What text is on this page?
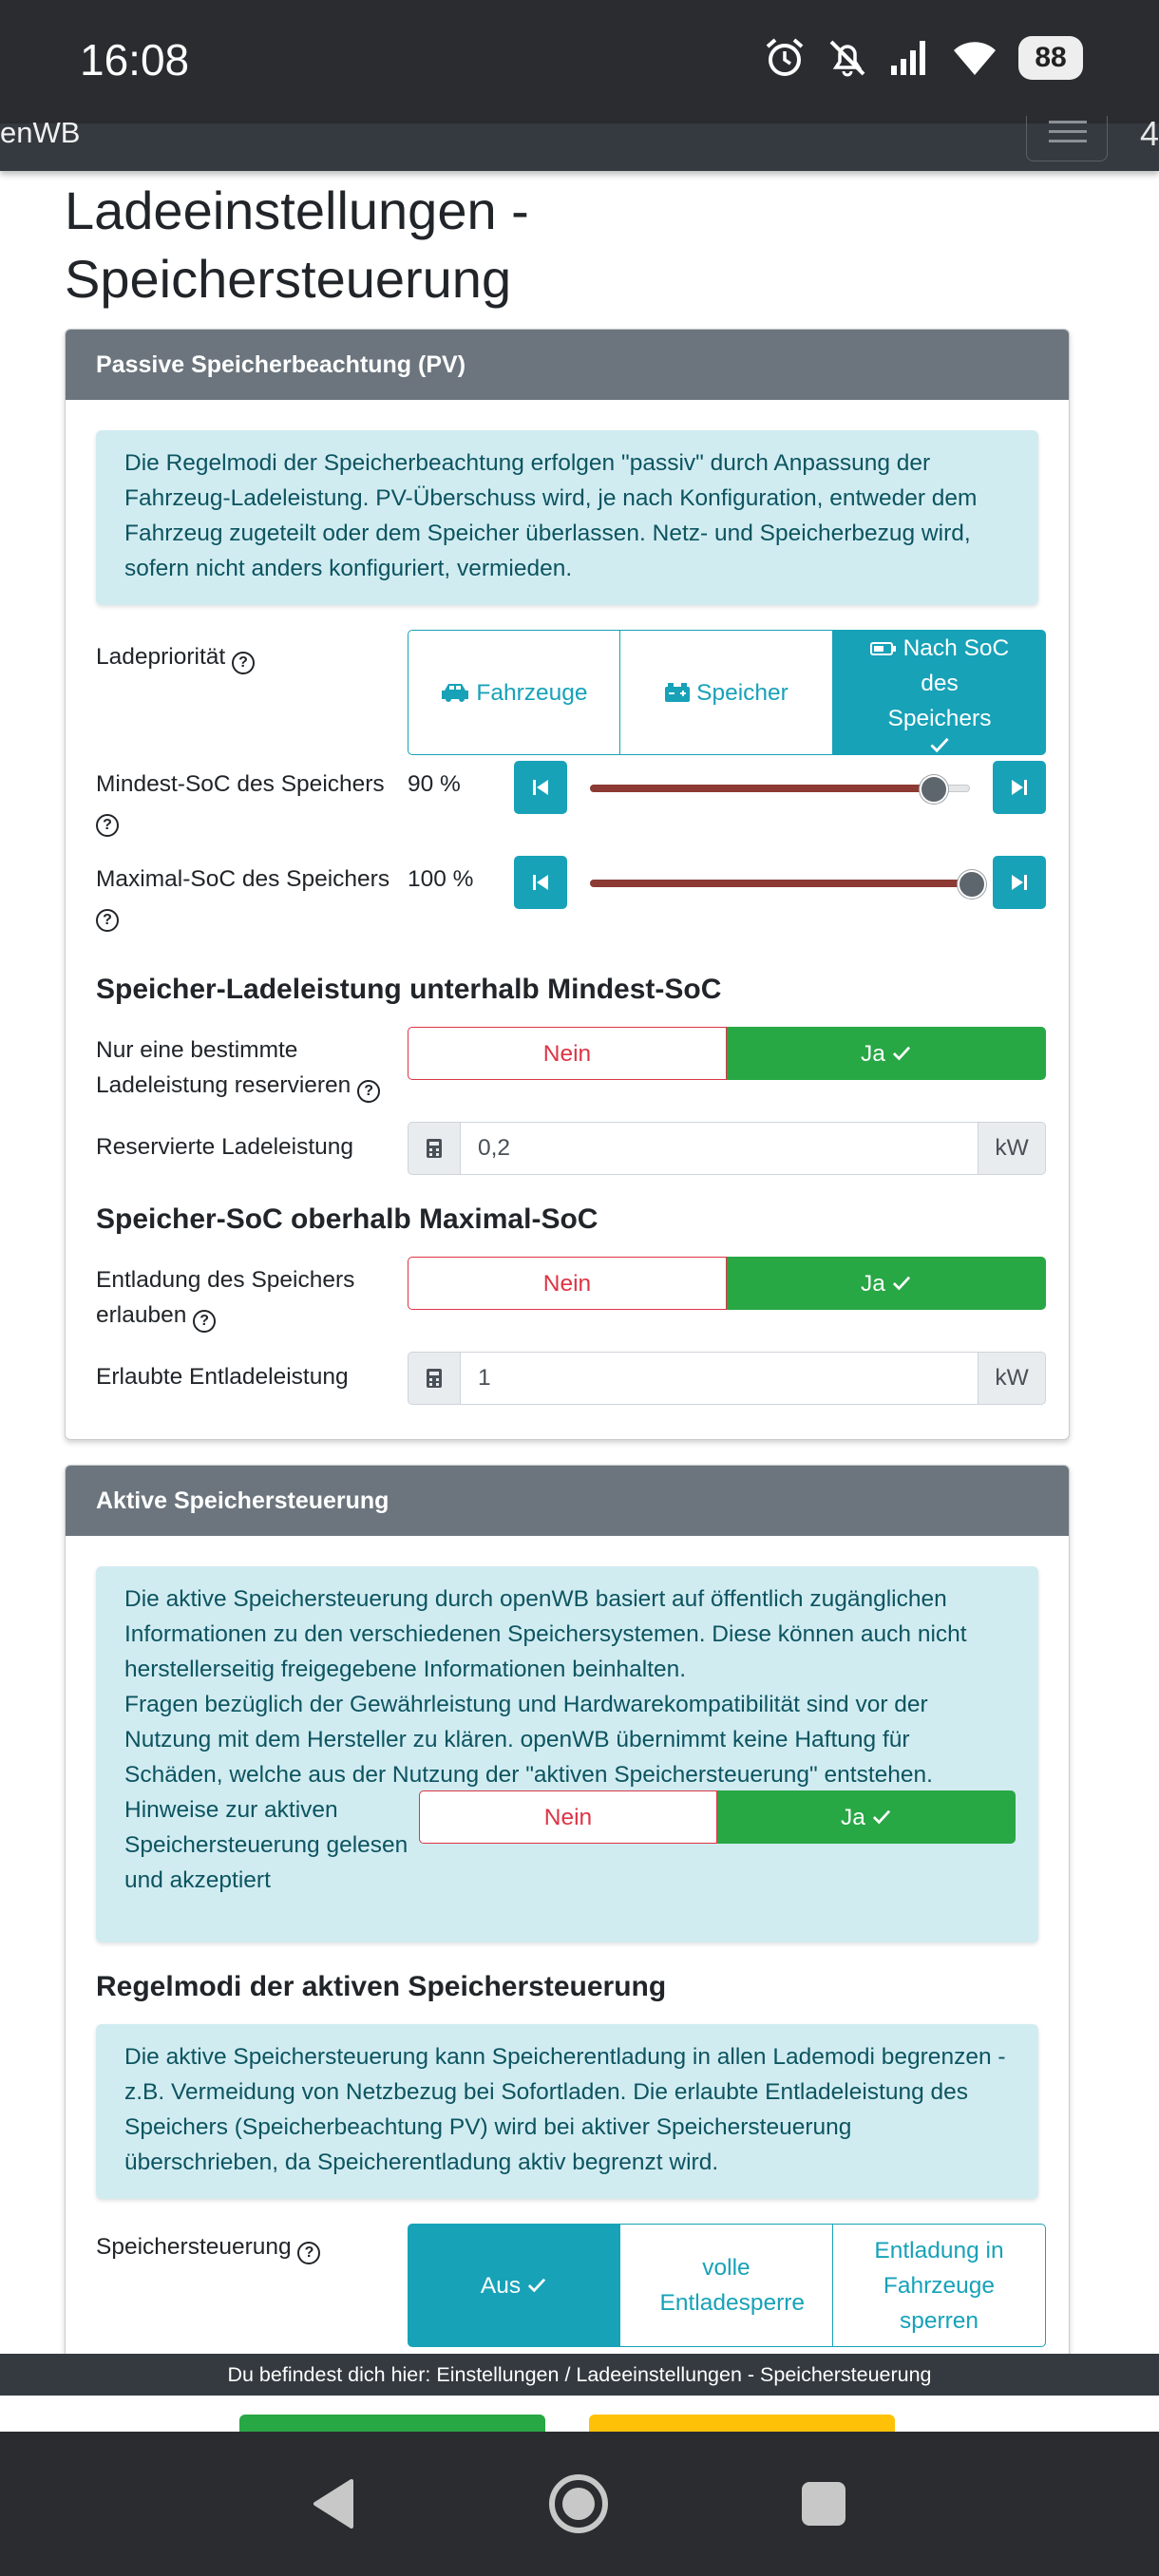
16:08	88
enWB	4
Ladeeinstellungen - Speichersteuerung
Passive Speicherbeachtung (PV)
Die Regelmodi der Speicherbeachtung erfolgen "passiv" durch Anpassung der Fahrzeug-Ladeleistung. PV-Überschuss wird, je nach Konfiguration, entweder dem Fahrzeug zugeteilt oder dem Speicher überlassen. Netz- und Speicherbezug wird, sofern nicht anders konfiguriert, vermieden.
Ladepriorität ?
Fahrzeuge	Speicher
Nach SoC des Speichers
Mindest-SoC des Speichers
?
90 %
Maximal-SoC des Speichers
?
100 %
Speicher-Ladeleistung unterhalb Mindest-SoC
Nur eine bestimmte Ladeleistung reservieren ?
Nein	Ja
Reservierte Ladeleistung	0,2	kW
Speicher-SoC oberhalb Maximal-SoC
Entladung des Speichers erlauben ?
Nein	Ja
Erlaubte Entladeleistung	1	kW
Aktive Speichersteuerung
Die aktive Speichersteuerung durch openWB basiert auf öffentlich zugänglichen Informationen zu den verschiedenen Speichersystemen. Diese können auch nicht herstellerseitig freigegebene Informationen beinhalten.
Fragen bezüglich der Gewährleistung und Hardwarekompatibilität sind vor der Nutzung mit dem Hersteller zu klären. openWB übernimmt keine Haftung für Schäden, welche aus der Nutzung der "aktiven Speichersteuerung" entstehen.
Hinweise zur aktiven Speichersteuerung gelesen und akzeptiert
Nein	Ja
Regelmodi der aktiven Speichersteuerung
Die aktive Speichersteuerung kann Speicherentladung in allen Lademodi begrenzen - z.B. Vermeidung von Netzbezug bei Sofortladen. Die erlaubte Entladeleistung des Speichers (Speicherbeachtung PV) wird bei aktiver Speichersteuerung überschrieben, da Speicherentladung aktiv begrenzt wird.
Speichersteuerung ?
Aus
volle Entladesperre
Entladung in Fahrzeuge sperren
Du befindest dich hier: Einstellungen / Ladeeinstellungen - Speichersteuerung
